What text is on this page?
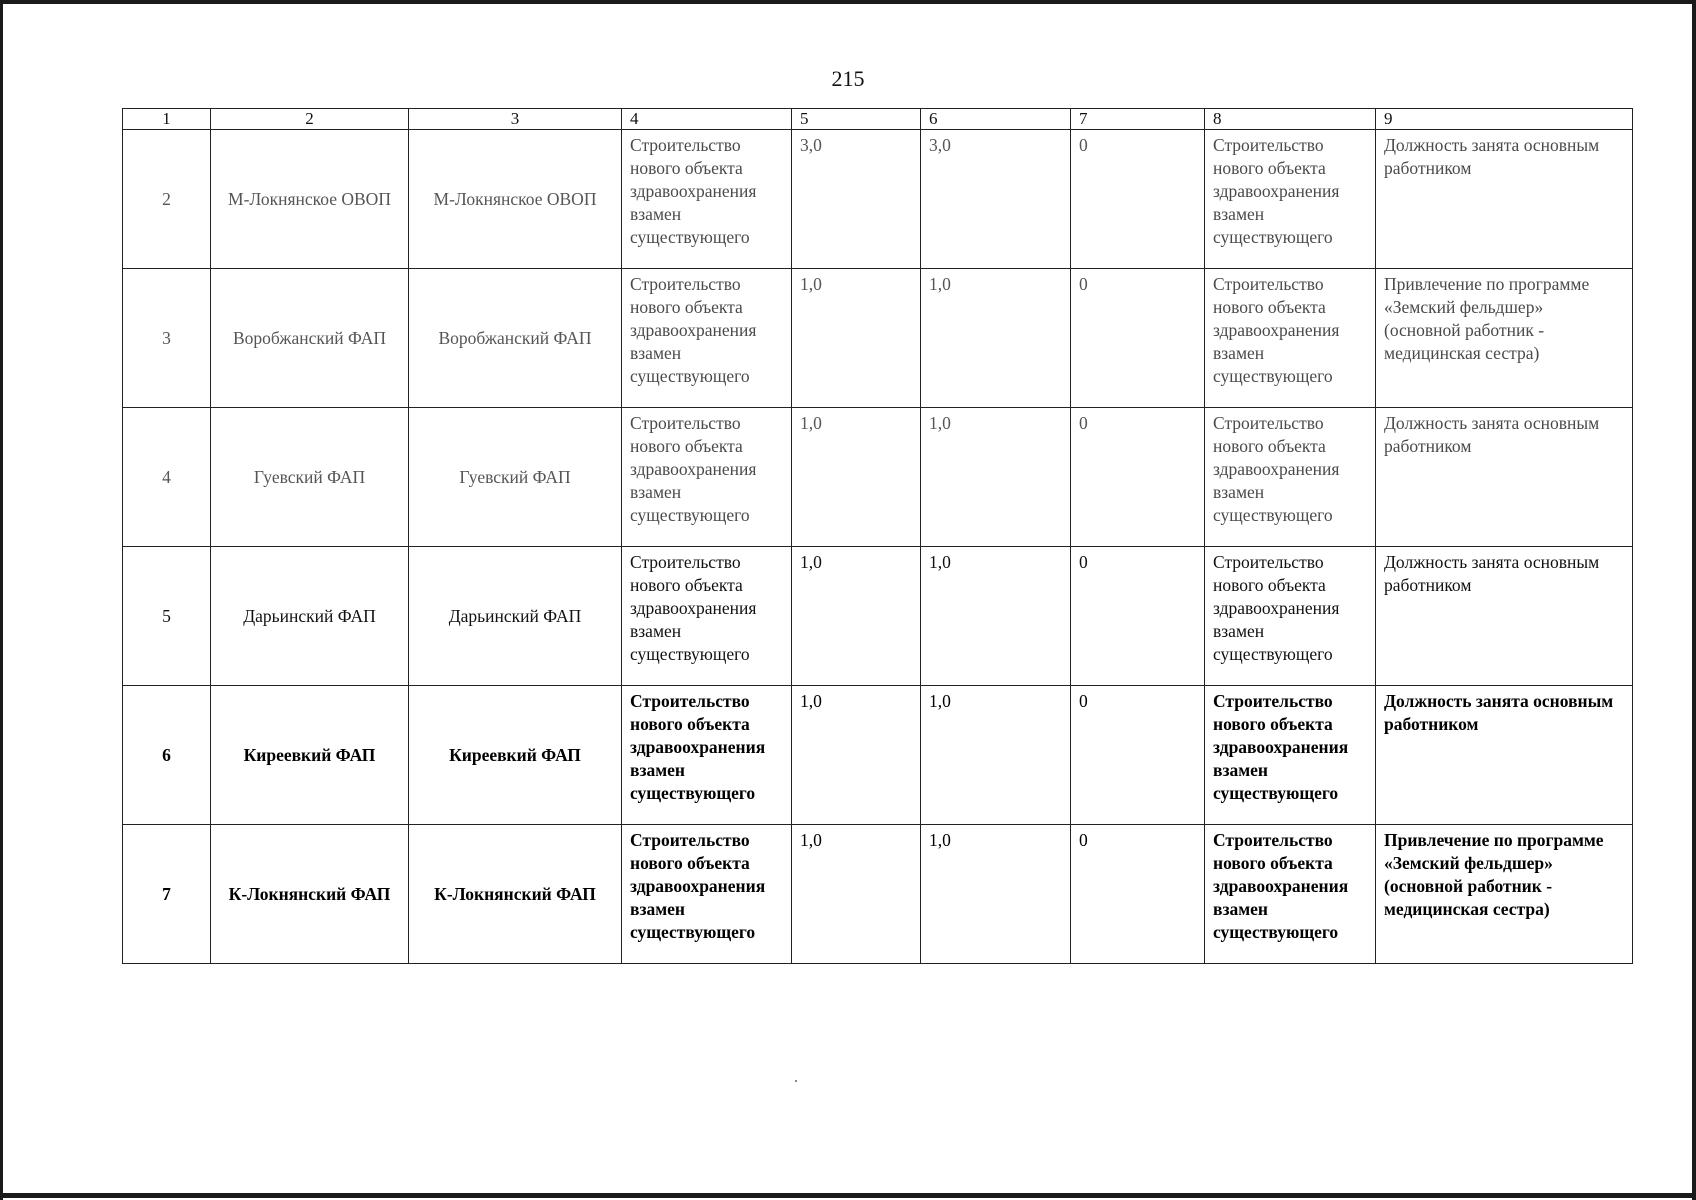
215
1	2	3	4	5	6	7	8	9
2	М-Локнянское ОВОП	М-Локнянское ОВОП	Строительство нового объекта здравоохранения взамен существующего	3,0	3,0	0	Строительство нового объекта здравоохранения взамен существующего	Должность занята основным работником
3	Воробжанский ФАП	Воробжанский ФАП	Строительство нового объекта здравоохранения взамен существующего	1,0	1,0	0	Строительство нового объекта здравоохранения взамен существующего	Привлечение по программе «Земский фельдшер» (основной работник - медицинская сестра)
4	Гуевский ФАП	Гуевский ФАП	Строительство нового объекта здравоохранения взамен существующего	1,0	1,0	0	Строительство нового объекта здравоохранения взамен существующего	Должность занята основным работником
5	Дарьинский ФАП	Дарьинский ФАП	Строительство нового объекта здравоохранения взамен существующего	1,0	1,0	0	Строительство нового объекта здравоохранения взамен существующего	Должность занята основным работником
6	Киреевкий ФАП	Киреевкий ФАП	Строительство нового объекта здравоохранения взамен существующего	1,0	1,0	0	Строительство нового объекта здравоохранения взамен существующего	Должность занята основным работником
7	К-Локнянский ФАП	К-Локнянский ФАП	Строительство нового объекта здравоохранения взамен существующего	1,0	1,0	0	Строительство нового объекта здравоохранения взамен существующего	Привлечение по программе «Земский фельдшер» (основной работник - медицинская сестра)
